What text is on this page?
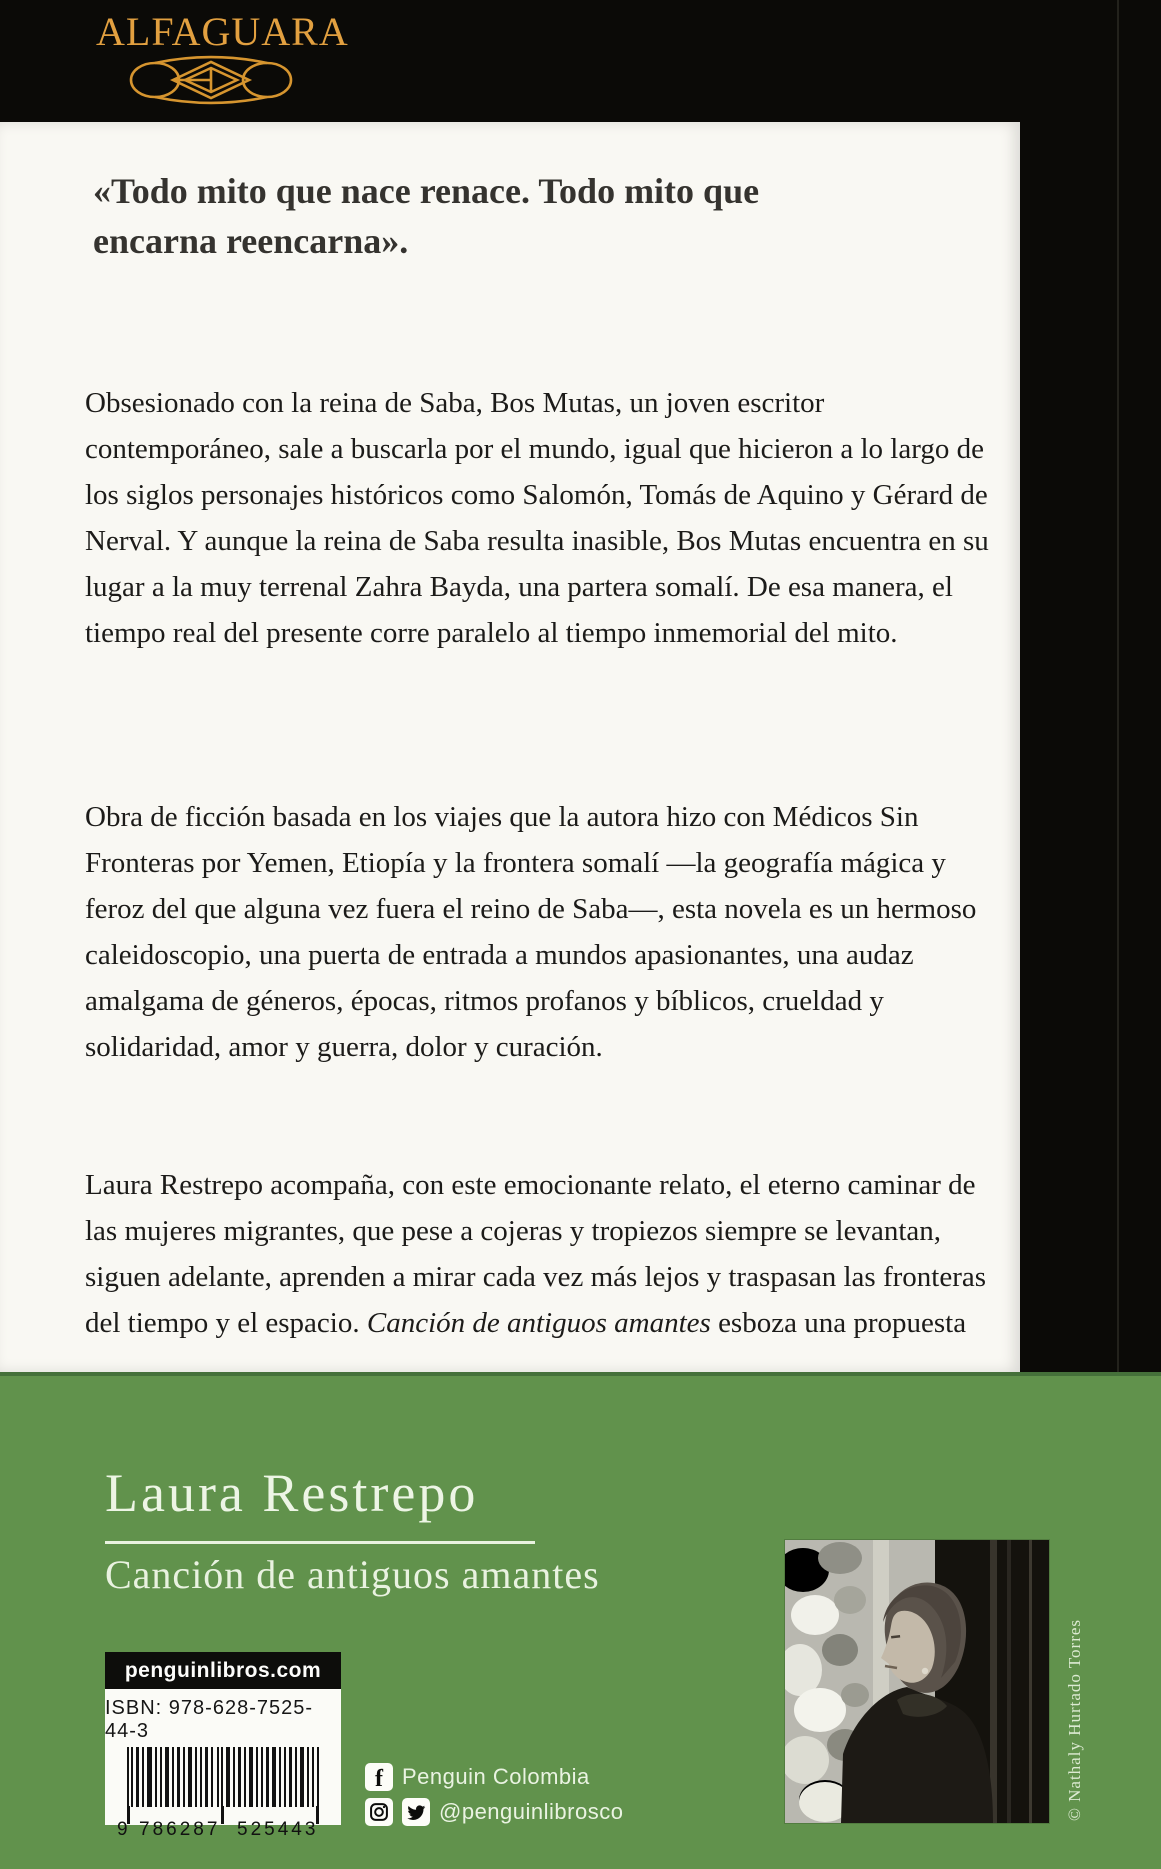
ALFAGUARA
«Todo mito que nace renace. Todo mito que encarna reencarna».
Obsesionado con la reina de Saba, Bos Mutas, un joven escritor contemporáneo, sale a buscarla por el mundo, igual que hicieron a lo largo de los siglos personajes históricos como Salomón, Tomás de Aquino y Gérard de Nerval. Y aunque la reina de Saba resulta inasible, Bos Mutas encuentra en su lugar a la muy terrenal Zahra Bayda, una partera somalí. De esa manera, el tiempo real del presente corre paralelo al tiempo inmemorial del mito.
Obra de ficción basada en los viajes que la autora hizo con Médicos Sin Fronteras por Yemen, Etiopía y la frontera somalí —la geografía mágica y feroz del que alguna vez fuera el reino de Saba—, esta novela es un hermoso caleidoscopio, una puerta de entrada a mundos apasionantes, una audaz amalgama de géneros, épocas, ritmos profanos y bíblicos, crueldad y solidaridad, amor y guerra, dolor y curación.
Laura Restrepo acompaña, con este emocionante relato, el eterno caminar de las mujeres migrantes, que pese a cojeras y tropiezos siempre se levantan, siguen adelante, aprenden a mirar cada vez más lejos y traspasan las fronteras del tiempo y el espacio. Canción de antiguos amantes esboza una propuesta
Laura Restrepo
Canción de antiguos amantes
penguinlibros.com
ISBN: 978-628-7525-44-3
9 786287 525443
f Penguin Colombia
@penguinlibrosco	© Nathaly Hurtado Torres
